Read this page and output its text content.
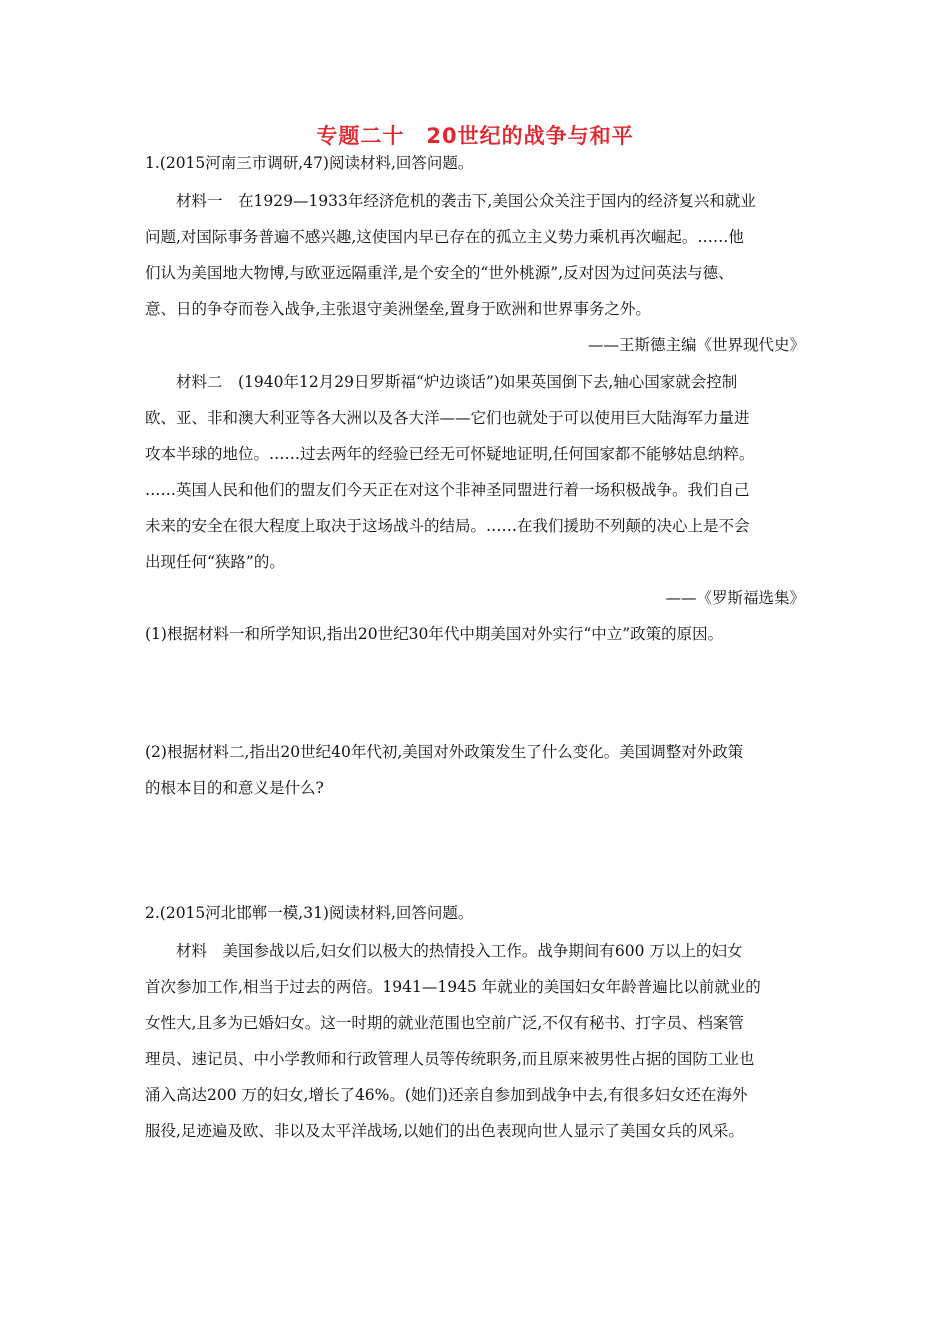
专题二十　20世纪的战争与和平
1.(2015河南三市调研,47)阅读材料,回答问题。
　　材料一　在1929—1933年经济危机的袭击下,美国公众关注于国内的经济复兴和就业
问题,对国际事务普遍不感兴趣,这使国内早已存在的孤立主义势力乘机再次崛起。……他
们认为美国地大物博,与欧亚远隔重洋,是个安全的“世外桃源”,反对因为过问英法与德、
意、日的争夺而卷入战争,主张退守美洲堡垒,置身于欧洲和世界事务之外。
——王斯德主编《世界现代史》
　　材料二　(1940年12月29日罗斯福“炉边谈话”)如果英国倒下去,轴心国家就会控制
欧、亚、非和澳大利亚等各大洲以及各大洋——它们也就处于可以使用巨大陆海军力量进
攻本半球的地位。……过去两年的经验已经无可怀疑地证明,任何国家都不能够姑息纳粹。
……英国人民和他们的盟友们今天正在对这个非神圣同盟进行着一场积极战争。我们自己
未来的安全在很大程度上取决于这场战斗的结局。……在我们援助不列颠的决心上是不会
出现任何“狭路”的。
——《罗斯福选集》
(1)根据材料一和所学知识,指出20世纪30年代中期美国对外实行“中立”政策的原因。
(2)根据材料二,指出20世纪40年代初,美国对外政策发生了什么变化。美国调整对外政策
的根本目的和意义是什么?
2.(2015河北邯郸一模,31)阅读材料,回答问题。
　　材料　美国参战以后,妇女们以极大的热情投入工作。战争期间有600 万以上的妇女
首次参加工作,相当于过去的两倍。1941—1945 年就业的美国妇女年龄普遍比以前就业的
女性大,且多为已婚妇女。这一时期的就业范围也空前广泛,不仅有秘书、打字员、档案管
理员、速记员、中小学教师和行政管理人员等传统职务,而且原来被男性占据的国防工业也
涌入高达200 万的妇女,增长了46%。(她们)还亲自参加到战争中去,有很多妇女还在海外
服役,足迹遍及欧、非以及太平洋战场,以她们的出色表现向世人显示了美国女兵的风采。
